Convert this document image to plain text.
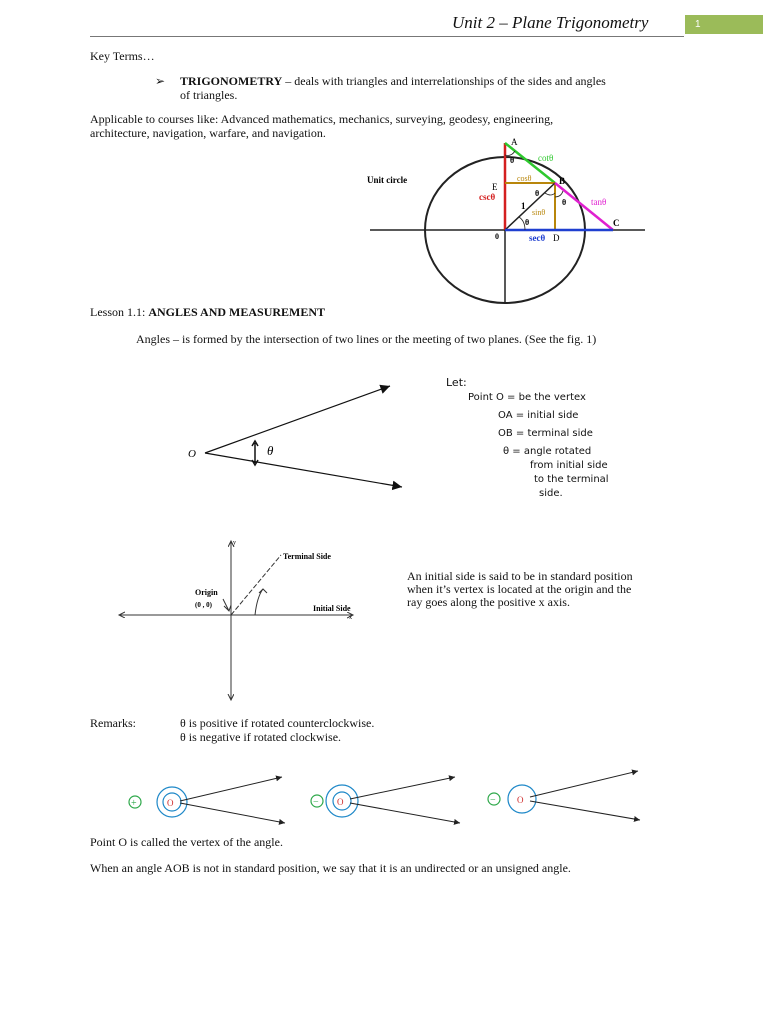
Unit 2 – Plane Trigonometry	1
Key Terms…
➢ TRIGONOMETRY – deals with triangles and interrelationships of the sides and angles
of triangles.
Applicable to courses like: Advanced mathematics, mechanics, surveying, geodesy, engineering,
architecture, navigation, warfare, and navigation.
Unit circle
A
B
C
D
E
0
cotθ
cosθ
cscθ
sinθ
tanθ
secθ
1
θ
θ
θ
θ
Lesson 1.1: ANGLES AND MEASUREMENT
Angles – is formed by the intersection of two lines or the meeting of two planes. (See the fig. 1)
O	θ
Let:
Point O = be the vertex
OA = initial side
OB = terminal side
θ = angle rotated
from initial side
to the terminal
side.
y
x
Terminal Side
Origin
(0 , 0)	Initial Side
An initial side is said to be in standard position
when it’s vertex is located at the origin and the
ray goes along the positive x axis.
Remarks:	θ is positive if rotated counterclockwise.
θ is negative if rotated clockwise.
+	O	− O	− O
Point O is called the vertex of the angle.
When an angle AOB is not in standard position, we say that it is an undirected or an unsigned angle.
